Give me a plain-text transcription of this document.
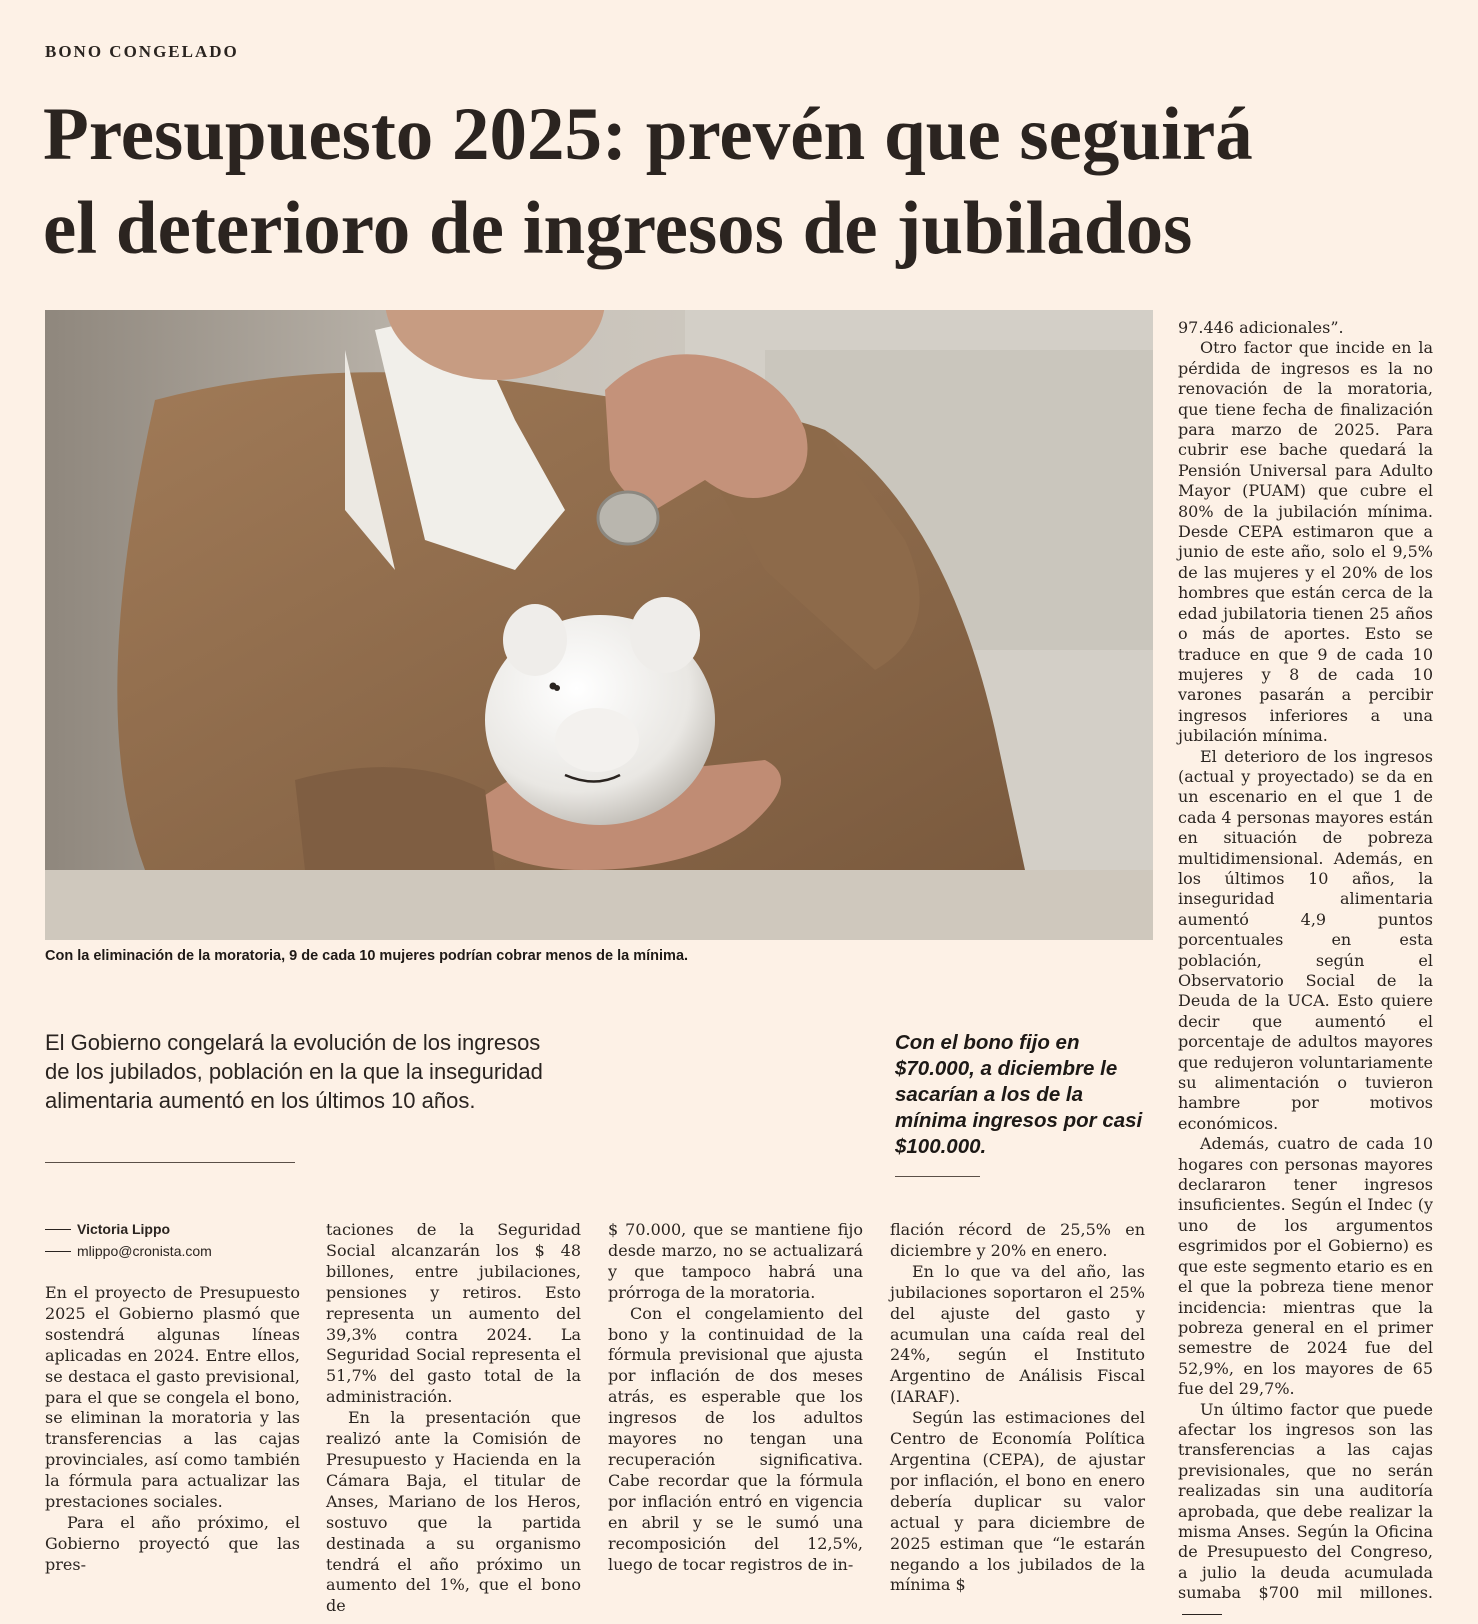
BONO CONGELADO
Presupuesto 2025: prevén que seguirá
el deterioro de ingresos de jubilados
Con la eliminación de la moratoria, 9 de cada 10 mujeres podrían cobrar menos de la mínima.
El Gobierno congelará la evolución de los ingresos de los jubilados, población en la que la inseguridad alimentaria aumentó en los últimos 10 años.
Con el bono fijo en $70.000, a diciembre le sacarían a los de la mínima ingresos por casi $100.000.
Victoria Lippo
mlippo@cronista.com

En el proyecto de Presupuesto 2025 el Gobierno plasmó que sostendrá algunas líneas aplicadas en 2024. Entre ellos, se destaca el gasto previsional, para el que se congela el bono, se eliminan la moratoria y las transferencias a las cajas provinciales, así como también la fórmula para actualizar las prestaciones sociales.

Para el año próximo, el Gobierno proyectó que las pres-

taciones de la Seguridad Social alcanzarán los $ 48 billones, entre jubilaciones, pensiones y retiros. Esto representa un aumento del 39,3% contra 2024. La Seguridad Social representa el 51,7% del gasto total de la administración.

En la presentación que realizó ante la Comisión de Presupuesto y Hacienda en la Cámara Baja, el titular de Anses, Mariano de los Heros, sostuvo que la partida destinada a su organismo tendrá el año próximo un aumento del 1%, que el bono de

$ 70.000, que se mantiene fijo desde marzo, no se actualizará y que tampoco habrá una prórroga de la moratoria.

Con el congelamiento del bono y la continuidad de la fórmula previsional que ajusta por inflación de dos meses atrás, es esperable que los ingresos de los adultos mayores no tengan una recuperación significativa. Cabe recordar que la fórmula por inflación entró en vigencia en abril y se le sumó una recomposición del 12,5%, luego de tocar registros de in-

flación récord de 25,5% en diciembre y 20% en enero.

En lo que va del año, las jubilaciones soportaron el 25% del ajuste del gasto y acumulan una caída real del 24%, según el Instituto Argentino de Análisis Fiscal (IARAF).

Según las estimaciones del Centro de Economía Política Argentina (CEPA), de ajustar por inflación, el bono en enero debería duplicar su valor actual y para diciembre de 2025 estiman que “le estarán negando a los jubilados de la mínima $

97.446 adicionales”.

Otro factor que incide en la pérdida de ingresos es la no renovación de la moratoria, que tiene fecha de finalización para marzo de 2025. Para cubrir ese bache quedará la Pensión Universal para Adulto Mayor (PUAM) que cubre el 80% de la jubilación mínima. Desde CEPA estimaron que a junio de este año, solo el 9,5% de las mujeres y el 20% de los hombres que están cerca de la edad jubilatoria tienen 25 años o más de aportes. Esto se traduce en que 9 de cada 10 mujeres y 8 de cada 10 varones pasarán a percibir ingresos inferiores a una jubilación mínima.

El deterioro de los ingresos (actual y proyectado) se da en un escenario en el que 1 de cada 4 personas mayores están en situación de pobreza multidimensional. Además, en los últimos 10 años, la inseguridad alimentaria aumentó 4,9 puntos porcentuales en esta población, según el Observatorio Social de la Deuda de la UCA. Esto quiere decir que aumentó el porcentaje de adultos mayores que redujeron voluntariamente su alimentación o tuvieron hambre por motivos económicos.

Además, cuatro de cada 10 hogares con personas mayores declararon tener ingresos insuficientes. Según el Indec (y uno de los argumentos esgrimidos por el Gobierno) es que este segmento etario es en el que la pobreza tiene menor incidencia: mientras que la pobreza general en el primer semestre de 2024 fue del 52,9%, en los mayores de 65 fue del 29,7%.

Un último factor que puede afectar los ingresos son las transferencias a las cajas previsionales, que no serán realizadas sin una auditoría aprobada, que debe realizar la misma Anses. Según la Oficina de Presupuesto del Congreso, a julio la deuda acumulada sumaba $700 mil millones.
